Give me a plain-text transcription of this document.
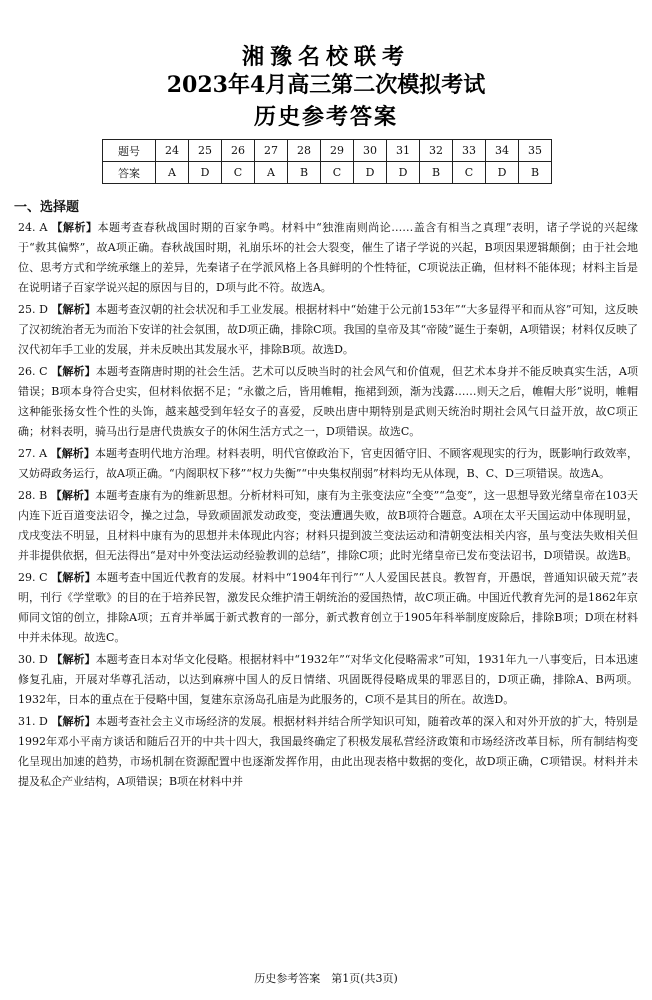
湘豫名校联考
2023年4月高三第二次模拟考试
历史参考答案
题号	24	25	26	27	28	29	30	31	32	33	34	35
答案	A	D	C	A	B	C	D	D	B	C	D	B
一、选择题

24. A 【解析】本题考查春秋战国时期的百家争鸣。材料中“独淮南则尚论……盖含有相当之真理”表明，诸子学说的兴起缘于“救其偏弊”，故A项正确。春秋战国时期，礼崩乐坏的社会大裂变，催生了诸子学说的兴起，B项因果逻辑颠倒；由于社会地位、思考方式和学统承继上的差异，先秦诸子在学派风格上各具鲜明的个性特征，C项说法正确，但材料不能体现；材料主旨是在说明诸子百家学说兴起的原因与目的，D项与此不符。故选A。

25. D 【解析】本题考查汉朝的社会状况和手工业发展。根据材料中“始建于公元前153年”“大多显得平和而从容”可知，这反映了汉初统治者无为而治下安详的社会氛围，故D项正确，排除C项。我国的皇帝及其“帝陵”诞生于秦朝，A项错误；材料仅反映了汉代初年手工业的发展，并未反映出其发展水平，排除B项。故选D。

26. C 【解析】本题考查隋唐时期的社会生活。艺术可以反映当时的社会风气和价值观，但艺术本身并不能反映真实生活，A项错误；B项本身符合史实，但材料依据不足；“永徽之后，皆用帷帽，拖裙到颈，渐为浅露……则天之后，帷帽大彤”说明，帷帽这种能张扬女性个性的头饰，越来越受到年轻女子的喜爱，反映出唐中期特别是武则天统治时期社会风气日益开放，故C项正确；材料表明，骑马出行是唐代贵族女子的休闲生活方式之一，D项错误。故选C。

27. A 【解析】本题考查明代地方治理。材料表明，明代官僚政治下，官吏因循守旧、不顾客观现实的行为，既影响行政效率，又妨碍政务运行，故A项正确。“内阁职权下移”“权力失衡”“中央集权削弱”材料均无从体现，B、C、D三项错误。故选A。

28. B 【解析】本题考查康有为的维新思想。分析材料可知，康有为主张变法应“全变”“急变”，这一思想导致光绪皇帝在103天内连下近百道变法诏令，操之过急，导致顽固派发动政变，变法遭遇失败，故B项符合题意。A项在太平天国运动中体现明显，戊戌变法不明显，且材料中康有为的思想并未体现此内容；材料只提到波兰变法运动和清朝变法相关内容，虽与变法失败相关但并非提供依据，但无法得出“是对中外变法运动经验教训的总结”，排除C项；此时光绪皇帝已发布变法诏书，D项错误。故选B。

29. C 【解析】本题考查中国近代教育的发展。材料中“1904年刊行”“人人爱国民甚良。教智育，开愚氓，普通知识破天荒”表明，刊行《学堂歌》的目的在于培养民智，激发民众维护清王朝统治的爱国热情，故C项正确。中国近代教育先河的是1862年京师同文馆的创立，排除A项；五育并举属于新式教育的一部分，新式教育创立于1905年科举制度废除后，排除B项；D项在材料中并未体现。故选C。

30. D 【解析】本题考查日本对华文化侵略。根据材料中“1932年”“对华文化侵略需求”可知，1931年九一八事变后，日本迅速修复孔庙，开展对华尊孔活动，以达到麻痹中国人的反日情绪、巩固既得侵略成果的罪恶目的，D项正确，排除A、B两项。1932年，日本的重点在于侵略中国，复建东京汤岛孔庙是为此服务的，C项不是其目的所在。故选D。

31. D 【解析】本题考查社会主义市场经济的发展。根据材料并结合所学知识可知，随着改革的深入和对外开放的扩大，特别是1992年邓小平南方谈话和随后召开的中共十四大，我国最终确定了积极发展私营经济政策和市场经济改革目标，所有制结构变化呈现出加速的趋势，市场机制在资源配置中也逐渐发挥作用，由此出现表格中数据的变化，故D项正确，C项错误。材料并未提及私企产业结构，A项错误；B项在材料中并

历史参考答案　第1页(共3页)
